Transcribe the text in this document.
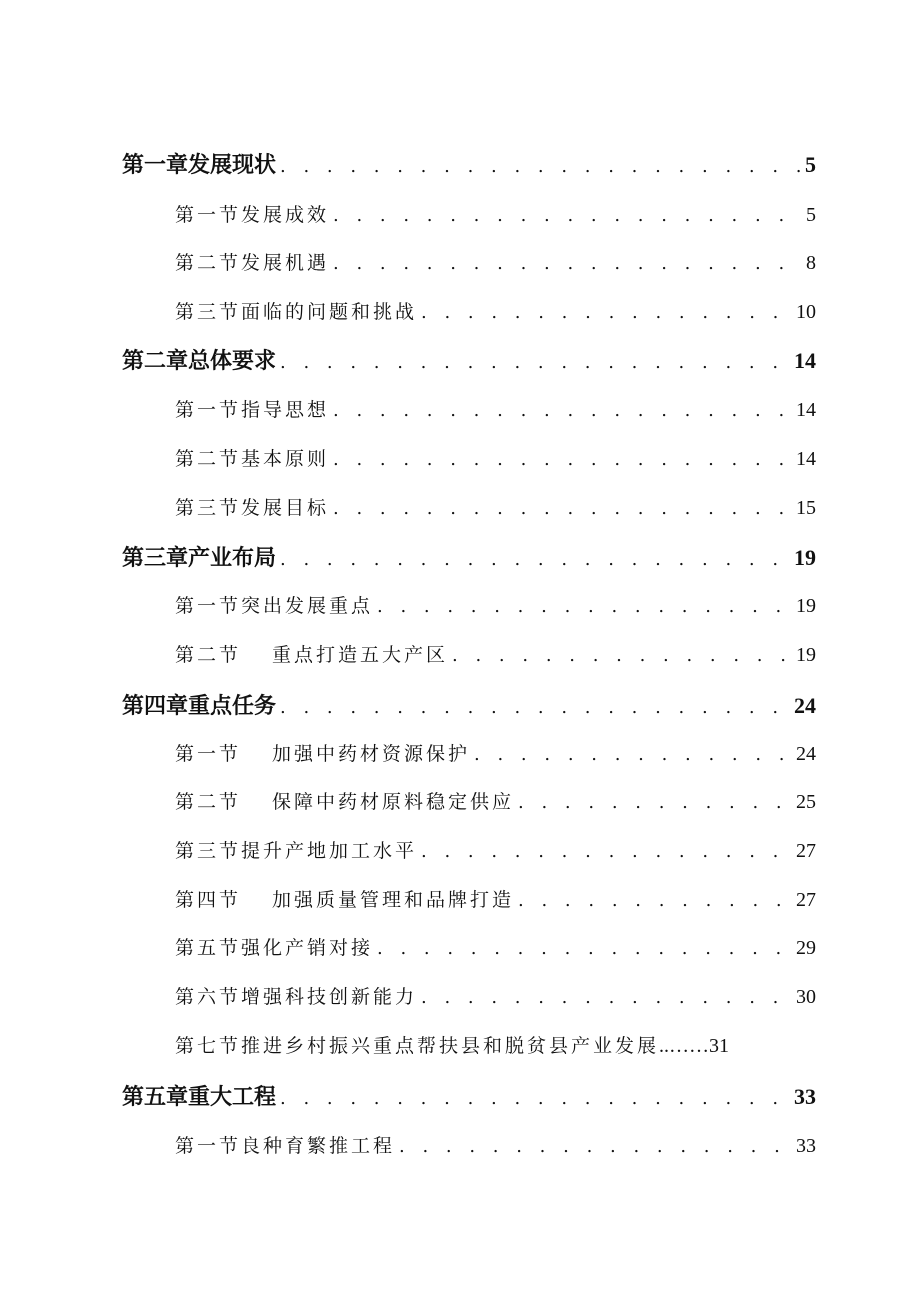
第一章发展现状 . . .	5
第一节发展成效 . . .	5
第二节发展机遇 . . .	8
第三节面临的问题和挑战 . . .	10
第二章总体要求 . . .	14
第一节指导思想 . . .	14
第二节基本原则 . . .	14
第三节发展目标 . . .	15
第三章产业布局 . . .	19
第一节突出发展重点 . . .	19
第二节　 重点打造五大产区 . . .	19
第四章重点任务 . . .	24
第一节　 加强中药材资源保护 . . .	24
第二节　 保障中药材原料稳定供应 . . .	25
第三节提升产地加工水平 . . .	27
第四节　 加强质量管理和品牌打造 . . .	27
第五节强化产销对接 . . .	29
第六节增强科技创新能力 . . .	30
第七节推进乡村振兴重点帮扶县和脱贫县产业发展 ..…… 31
第五章重大工程 . . .	33
第一节良种育繁推工程 . . .	33
